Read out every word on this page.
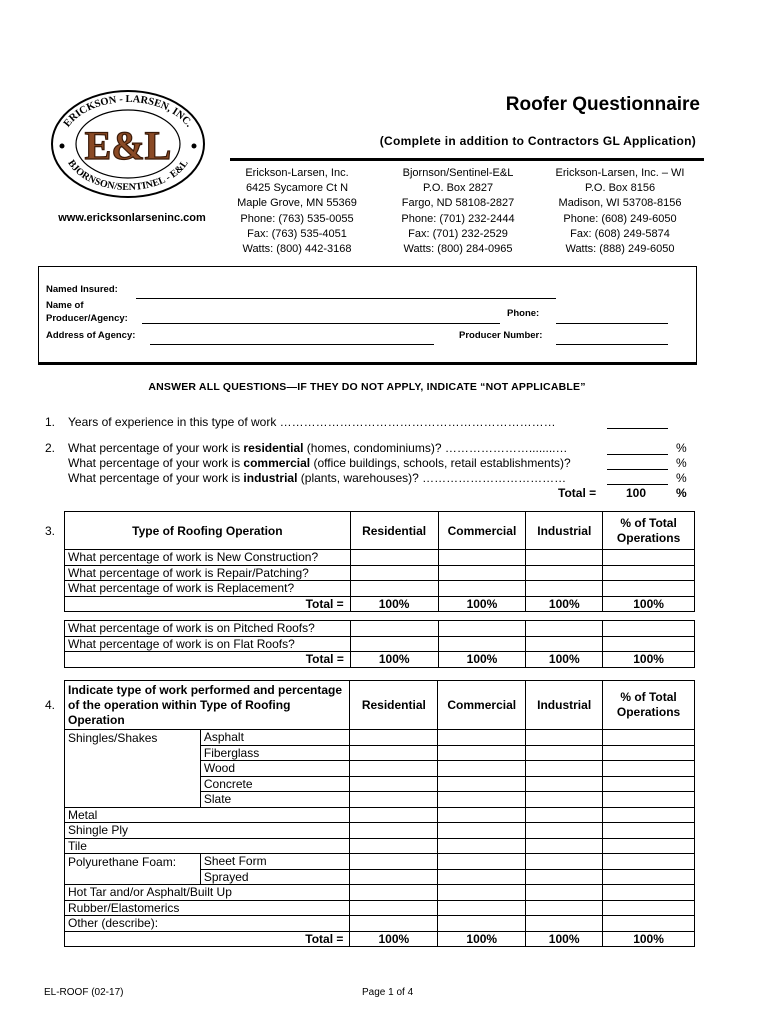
ERICKSON - LARSEN, INC.
BJORNSON/SENTINEL - E&L
E&L
www.ericksonlarseninc.com
Roofer Questionnaire
(Complete in addition to Contractors GL Application)
Erickson-Larsen, Inc.
6425 Sycamore Ct N
Maple Grove, MN 55369
Phone: (763) 535-0055
Fax: (763) 535-4051
Watts: (800) 442-3168
Bjornson/Sentinel-E&L
P.O. Box 2827
Fargo, ND 58108-2827
Phone: (701) 232-2444
Fax: (701) 232-2529
Watts: (800) 284-0965
Erickson-Larsen, Inc. – WI
P.O. Box 8156
Madison, WI 53708-8156
Phone: (608) 249-6050
Fax: (608) 249-5874
Watts: (888) 249-6050
Named Insured:
Name of
Producer/Agency:	Phone:
Address of Agency:	Producer Number:
ANSWER ALL QUESTIONS—IF THEY DO NOT APPLY, INDICATE “NOT APPLICABLE”
1. Years of experience in this type of work ……………………………………………………………
2. What percentage of your work is residential (homes, condominiums)? …………………........…
What percentage of your work is commercial (office buildings, schools, retail establishments)?
What percentage of your work is industrial (plants, warehouses)? ………………………………
%
%
%
Total = 100 %
3.	Type of Roofing Operation	Residential	Commercial	Industrial	% of Total Operations
What percentage of work is New Construction?				
What percentage of work is Repair/Patching?				
What percentage of work is Replacement?				
Total =	100%	100%	100%	100%
What percentage of work is on Pitched Roofs?				
What percentage of work is on Flat Roofs?				
Total =	100%	100%	100%	100%
4.
Indicate type of work performed and percentage of the operation within Type of Roofing Operation		Residential	Commercial	Industrial	% of Total Operations
Shingles/Shakes	Asphalt				
	Fiberglass				
	Wood				
	Concrete				
	Slate				
Metal					
Shingle Ply					
Tile					
Polyurethane Foam:	Sheet Form				
	Sprayed				
Hot Tar and/or Asphalt/Built Up					
Rubber/Elastomerics					
Other (describe):					
Total =		100%	100%	100%	100%
EL-ROOF (02-17)	Page 1 of 4
